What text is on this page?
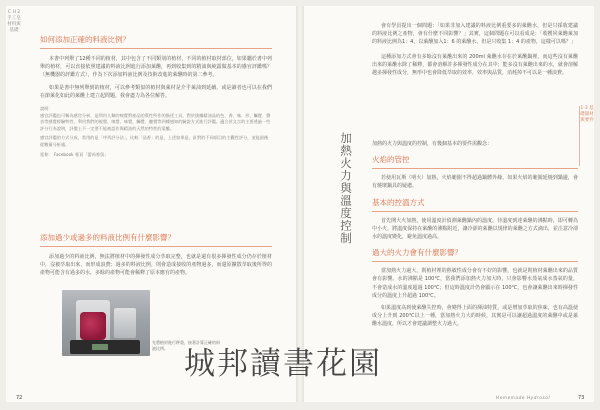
C H 2
手工皂材料與基礎
如何添加正確的料液比例？

本書中列舉了12種不同的植材，其中包含了不同類別的植材，不同的植材取材部位，如果屬於書中列舉的植材，可以直接依照建議的料液比例進行添加萊醮，再到收集到的精油與純露做基本的感官評鑑嗎？（無機器的評鑑方式），作為下次添加料液比例及技術改進的萊醮時的第二參考。

如果是書中無列舉到的植材，可以參考類似的植材與萊材是介乎萊油到延續，或是讀者也可以在我們在節萊化如此的萊醮上建立起問題，我會盡力為各位解答。

說明：

感官評鑑也可稱為感官分析，是利用人類的嗅覺對產品的質性所作的描述工具，對於挑據精油品的色、香、味、形、觸覺、聲音等感覺經驗特性，利用我們的視覺、嗅覺、味覺、觸覺、聽覺等四種感知的驗證方式進行評鑑。適合於文言的主要透過一些評分行為說明，評價上不一定要不能被認作與精油的天然的特性的萊醮。

感官評鑑的方式分成，常用的是「序列評分法」，比較「品香」的是，上述如果是。針對的不同項目的主觀性評分，並能最後從數量分析處。

延伸： Facebook 專頁「蕾芮香氛」

添加過少或過多的料液比例有什麼影響？

添加過少的料液比例，無法將植材中的揮發性成分萃取完整，也就是還有很多揮發性成分仍存於植材中，沒被萃取出來，而形成浪費；過多的料液比例，則會造成接收的產物過多，而還原擴散萃取後所得的產物可能含有過多的水，多餘的產物可能會稀釋了原本應有的產物。

先將植材進行秤重，接著計算正確的料液比例。
72

會有學員提出一個問題：「如果非加入建議的料液比例重要多的萊醮水，但是只採收建議的料液比例之產物，會有什麼不同影響？」其實，這個問題在可以看成是：「收獲同萊醮萊加的料液比例為1：4，以萊醮加入1：6 的萊醮水，但是只收集 1：4 的產物，這樣可以嗎？」

這種添加方式會有多餘沒有萊醮出來的 200ml 萊醮水存在於萊醮鍋裡，而這些沒有萊醮出來的萊醮水除了稀釋，都會溶解許多揮發性成分在其中；能多沒有萊醮出來的水，就會溶解越多揮發性成分，無形中也會降低萃取的效率，效率與品質，消耗掉不可以是一種浪費。

加熱火力與溫度控制	加熱的火力與溫度的控制，有幾個基本的要件需觀念：

火焰的管控

若使用瓦斯（明火）加熱，火焰範圍不得超過鍋體外緣，如果火焰的範圍延燒到鍋邊，會有燒壞鍋具的疑慮。

基本的控溫方式

首先開大火加熱，使用溫度計偵測萊醮鍋內的溫度，待溫度到達萊醮的沸點時，即可轉為中小火，將溫度保持在萊醮的沸點附近，讓冷卻的萊醮以規律的萊醮之方式滴出，並注意冷卻水的溫度變化，避免溫度過高。

過大的火力會有什麼影響？

當加熱火力過大，則植材裡的熱敏性成分會有不好的影響，也就是則植材萊醮出來的品質會有影響。水的沸點是 100℃，當我們添加熱火力加大時，只會影響水蒸氣成水蒸氣的量，不會造成水的溫度超過 100℃；但這時溫度計仍會顯示在 100℃，也會讓萊醮出來時揮發性成分的溫度上升超過 100℃。

如果溫度高到使萊醮失控時，會變得上面的揮油特質，或是增加萃取的焦味，也有高溫使成分上升到 200℃以上一種，當加熱火力大的時候，其實是可以讓超過溫度的萊醮中或是萊醮水溫度，所以才會建議調整火力過大。

1-3 基礎器材與要件
Homemade Hydrosol	73
城邦讀書花園
